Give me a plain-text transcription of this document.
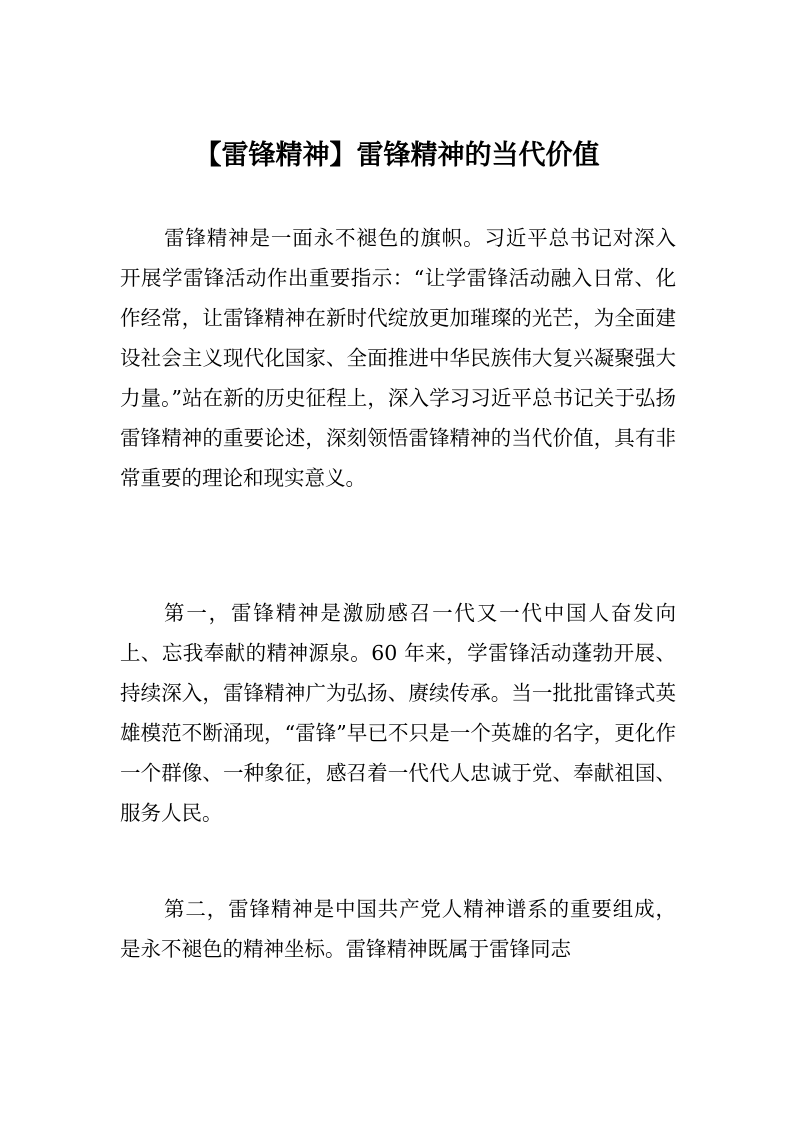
【雷锋精神】雷锋精神的当代价值

雷锋精神是一面永不褪色的旗帜。习近平总书记对深入开展学雷锋活动作出重要指示：“让学雷锋活动融入日常、化作经常，让雷锋精神在新时代绽放更加璀璨的光芒，为全面建设社会主义现代化国家、全面推进中华民族伟大复兴凝聚强大力量。”站在新的历史征程上，深入学习习近平总书记关于弘扬雷锋精神的重要论述，深刻领悟雷锋精神的当代价值，具有非常重要的理论和现实意义。

第一，雷锋精神是激励感召一代又一代中国人奋发向上、忘我奉献的精神源泉。60 年来，学雷锋活动蓬勃开展、持续深入，雷锋精神广为弘扬、赓续传承。当一批批雷锋式英雄模范不断涌现，“雷锋”早已不只是一个英雄的名字，更化作一个群像、一种象征，感召着一代代人忠诚于党、奉献祖国、服务人民。

第二，雷锋精神是中国共产党人精神谱系的重要组成，是永不褪色的精神坐标。雷锋精神既属于雷锋同志
